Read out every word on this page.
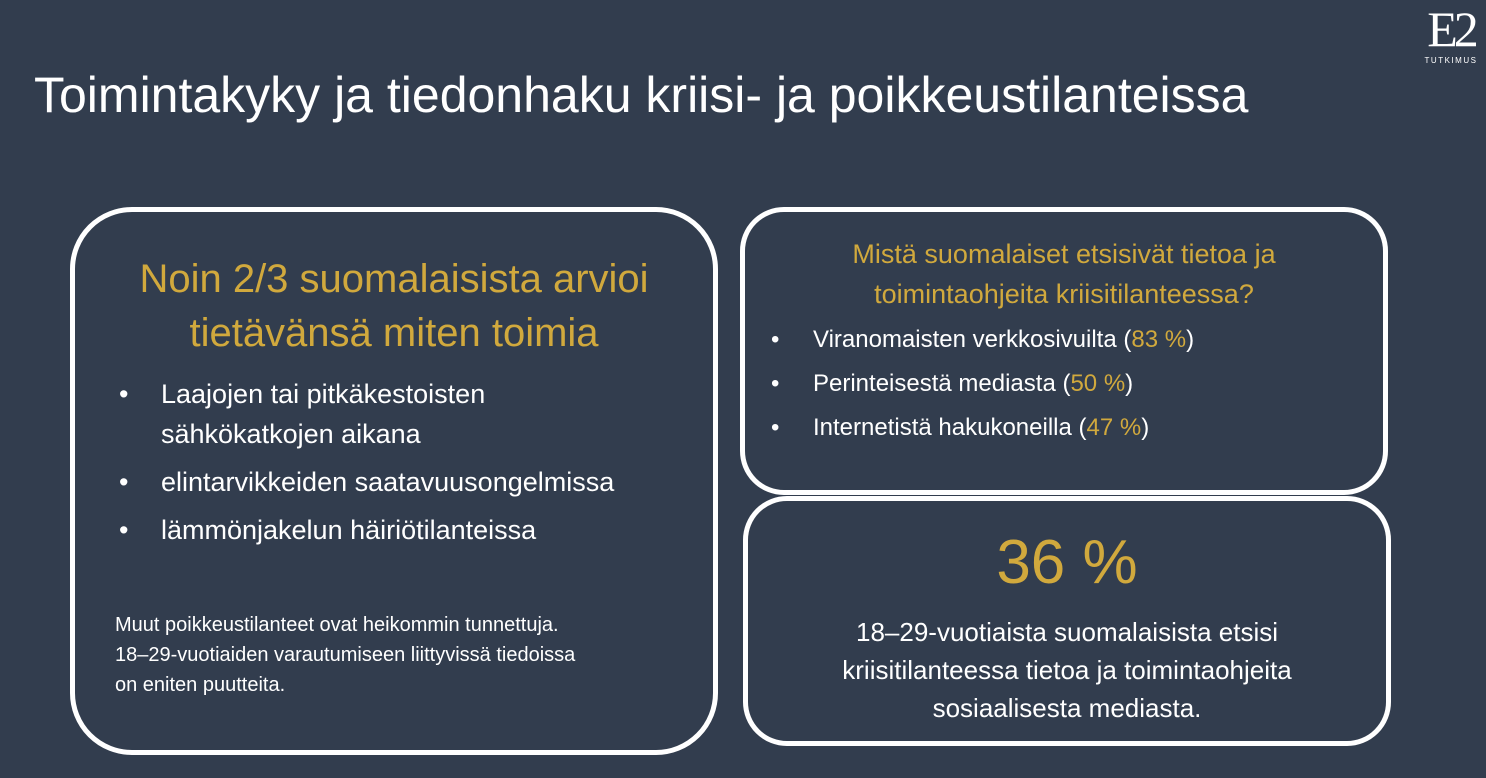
E2
TUTKIMUS
Toimintakyky ja tiedonhaku kriisi- ja poikkeustilanteissa
Noin 2/3 suomalaisista arvioi
tietävänsä miten toimia
• Laajojen tai pitkäkestoisten
sähkökatkojen aikana
• elintarvikkeiden saatavuusongelmissa
• lämmönjakelun häiriötilanteissa

Muut poikkeustilanteet ovat heikommin tunnettuja.
18–29-vuotiaiden varautumiseen liittyvissä tiedoissa
on eniten puutteita.

Mistä suomalaiset etsisivät tietoa ja
toimintaohjeita kriisitilanteessa?
• Viranomaisten verkkosivuilta (83 %)
• Perinteisestä mediasta (50 %)
• Internetistä hakukoneilla (47 %)

36 %

18–29-vuotiaista suomalaisista etsisi
kriisitilanteessa tietoa ja toimintaohjeita
sosiaalisesta mediasta.
